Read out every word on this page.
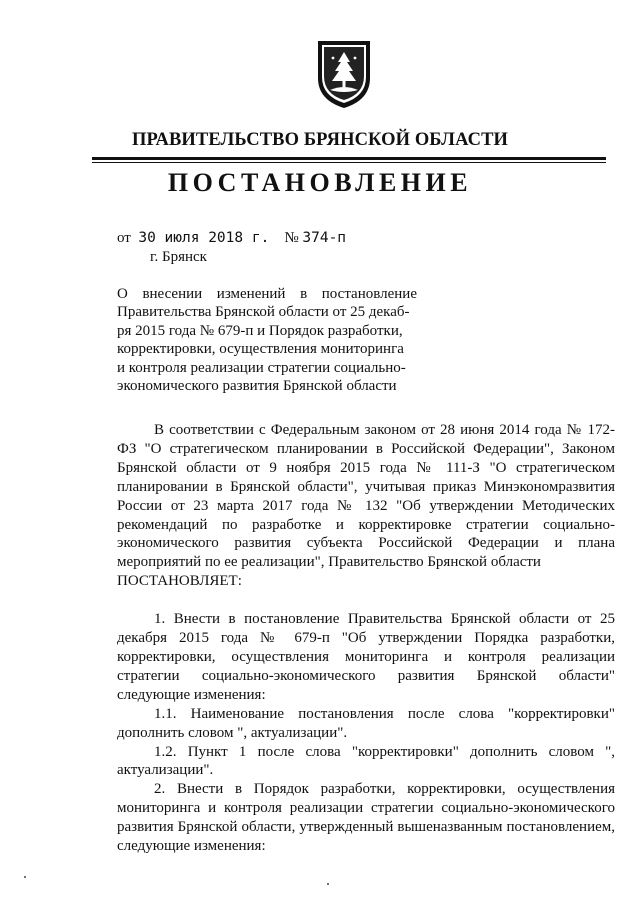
ПРАВИТЕЛЬСТВО БРЯНСКОЙ ОБЛАСТИ
ПОСТАНОВЛЕНИЕ
от 30 июля 2018 г. № 374-п
г. Брянск
О внесении изменений в постановление
Правительства Брянской области от 25 декаб-
ря 2015 года № 679-п и Порядок разработки,
корректировки, осуществления мониторинга
и контроля реализации стратегии социально-
экономического развития Брянской области

В соответствии с Федеральным законом от 28 июня 2014 года № 172-ФЗ "О стратегическом планировании в Российской Федерации", Законом Брянской области от 9 ноября 2015 года № 111-З "О стратегическом планировании в Брянской области", учитывая приказ Минэкономразвития России от 23 марта 2017 года № 132 "Об утверждении Методических рекомендаций по разработке и корректировке стратегии социально-экономического развития субъекта Российской Федерации и плана мероприятий по ее реализации", Правительство Брянской области

ПОСТАНОВЛЯЕТ:

1. Внести в постановление Правительства Брянской области от 25 декабря 2015 года № 679-п "Об утверждении Порядка разработки, корректировки, осуществления мониторинга и контроля реализации стратегии социально-экономического развития Брянской области" следующие изменения:

1.1. Наименование постановления после слова "корректировки" дополнить словом ", актуализации".

1.2. Пункт 1 после слова "корректировки" дополнить словом ", актуализации".

2. Внести в Порядок разработки, корректировки, осуществления мониторинга и контроля реализации стратегии социально-экономического развития Брянской области, утвержденный вышеназванным постановлением, следующие изменения:
